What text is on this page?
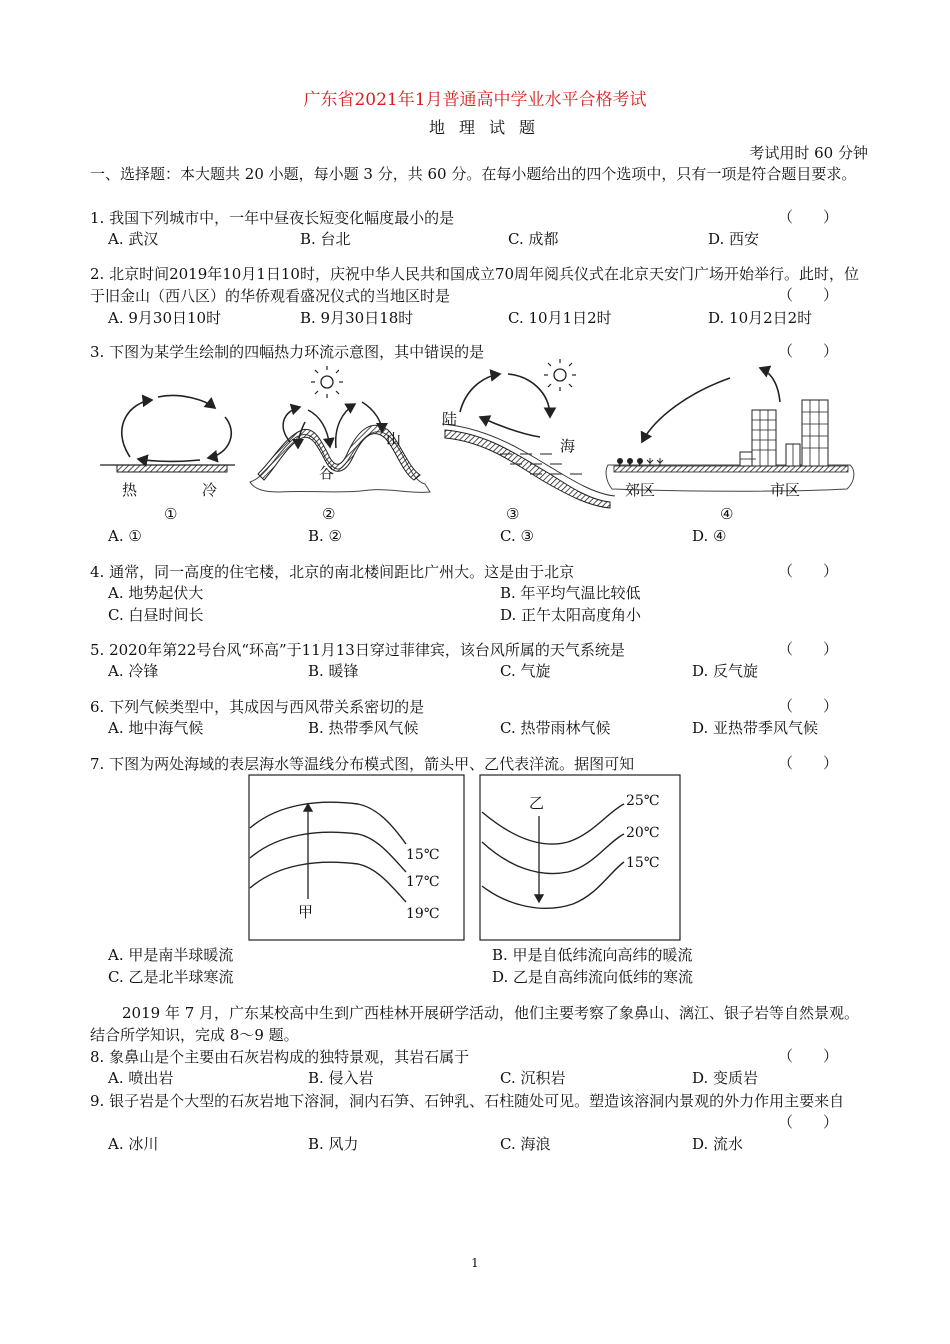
广东省2021年1月普通高中学业水平合格考试
地理试题
考试用时 60 分钟
一、选择题：本大题共 20 小题，每小题 3 分，共 60 分。在每小题给出的四个选项中，只有一项是符合题目要求。
1. 我国下列城市中，一年中昼夜长短变化幅度最小的是	（　　）
A. 武汉	B. 台北	C. 成都	D. 西安
2. 北京时间2019年10月1日10时，庆祝中华人民共和国成立70周年阅兵仪式在北京天安门广场开始举行。此时，位于旧金山（西八区）的华侨观看盛况仪式的当地区时是	（　　）
A. 9月30日10时	B. 9月30日18时	C. 10月1日2时	D. 10月2日2时
3. 下图为某学生绘制的四幅热力环流示意图，其中错误的是	（　　）
热	冷
①
谷
山
②
陆
海
③
郊区	市区
④
A. ①	B. ②	C. ③	D. ④
4. 通常，同一高度的住宅楼，北京的南北楼间距比广州大。这是由于北京	（　　）
A. 地势起伏大	B. 年平均气温比较低
C. 白昼时间长	D. 正午太阳高度角小
5. 2020年第22号台风“环高”于11月13日穿过菲律宾，该台风所属的天气系统是	（　　）
A. 冷锋	B. 暖锋	C. 气旋	D. 反气旋
6. 下列气候类型中，其成因与西风带关系密切的是	（　　）
A. 地中海气候	B. 热带季风气候	C. 热带雨林气候	D. 亚热带季风气候
7. 下图为两处海域的表层海水等温线分布模式图，箭头甲、乙代表洋流。据图可知	（　　）
15℃
17℃
19℃
甲
25℃
20℃
15℃
乙
A. 甲是南半球暖流	B. 甲是自低纬流向高纬的暖流
C. 乙是北半球寒流	D. 乙是自高纬流向低纬的寒流
2019 年 7 月，广东某校高中生到广西桂林开展研学活动，他们主要考察了象鼻山、漓江、银子岩等自然景观。结合所学知识，完成 8～9 题。
8. 象鼻山是个主要由石灰岩构成的独特景观，其岩石属于	（　　）
A. 喷出岩	B. 侵入岩	C. 沉积岩	D. 变质岩
9. 银子岩是个大型的石灰岩地下溶洞，洞内石笋、石钟乳、石柱随处可见。塑造该溶洞内景观的外力作用主要来自
（　　）
A. 冰川	B. 风力	C. 海浪	D. 流水
1
